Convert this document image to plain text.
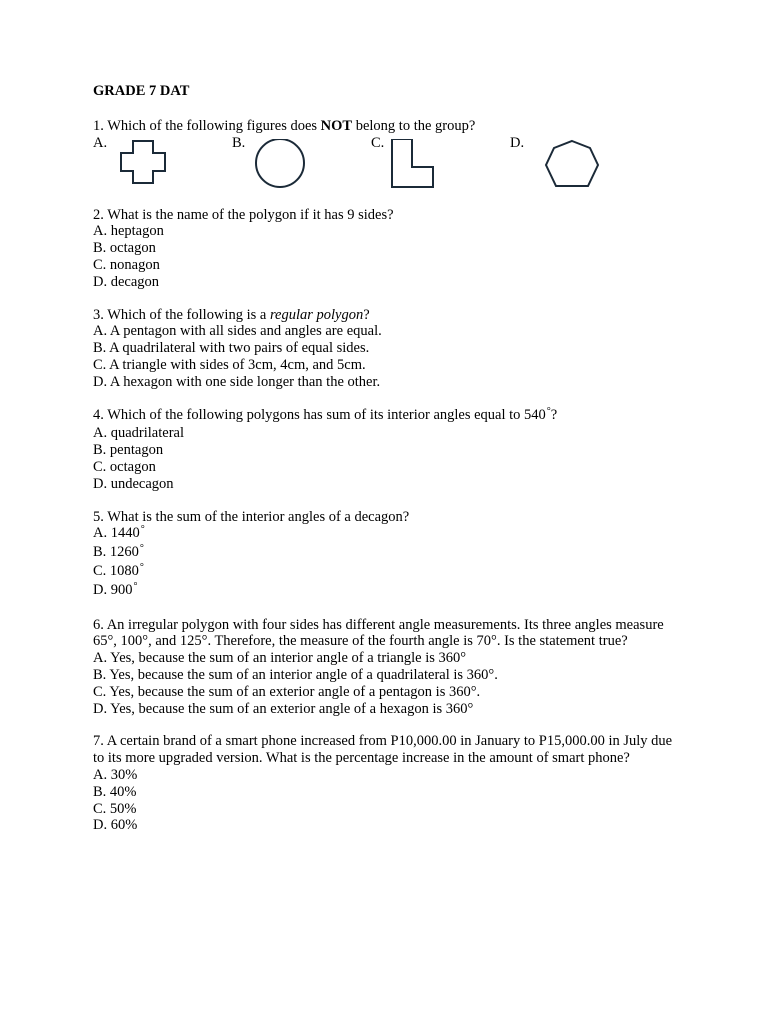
GRADE 7 DAT
1. Which of the following figures does NOT belong to the group?
A.	B.	C.	D.
2. What is the name of the polygon if it has 9 sides?
A. heptagon
B. octagon
C. nonagon
D. decagon
3. Which of the following is a regular polygon?
A. A pentagon with all sides and angles are equal.
B. A quadrilateral with two pairs of equal sides.
C. A triangle with sides of 3cm, 4cm, and 5cm.
D. A hexagon with one side longer than the other.
4. Which of the following polygons has sum of its interior angles equal to 540°?
A. quadrilateral
B. pentagon
C. octagon
D. undecagon
5. What is the sum of the interior angles of a decagon?
A. 1440°
B. 1260°
C. 1080°
D. 900°
6. An irregular polygon with four sides has different angle measurements. Its three angles measure 65°, 100°, and 125°. Therefore, the measure of the fourth angle is 70°. Is the statement true?
A. Yes, because the sum of an interior angle of a triangle is 360°
B. Yes, because the sum of an interior angle of a quadrilateral is 360°.
C. Yes, because the sum of an exterior angle of a pentagon is 360°.
D. Yes, because the sum of an exterior angle of a hexagon is 360°
7. A certain brand of a smart phone increased from P10,000.00 in January to P15,000.00 in July due to its more upgraded version. What is the percentage increase in the amount of smart phone?
A. 30%
B. 40%
C. 50%
D. 60%
